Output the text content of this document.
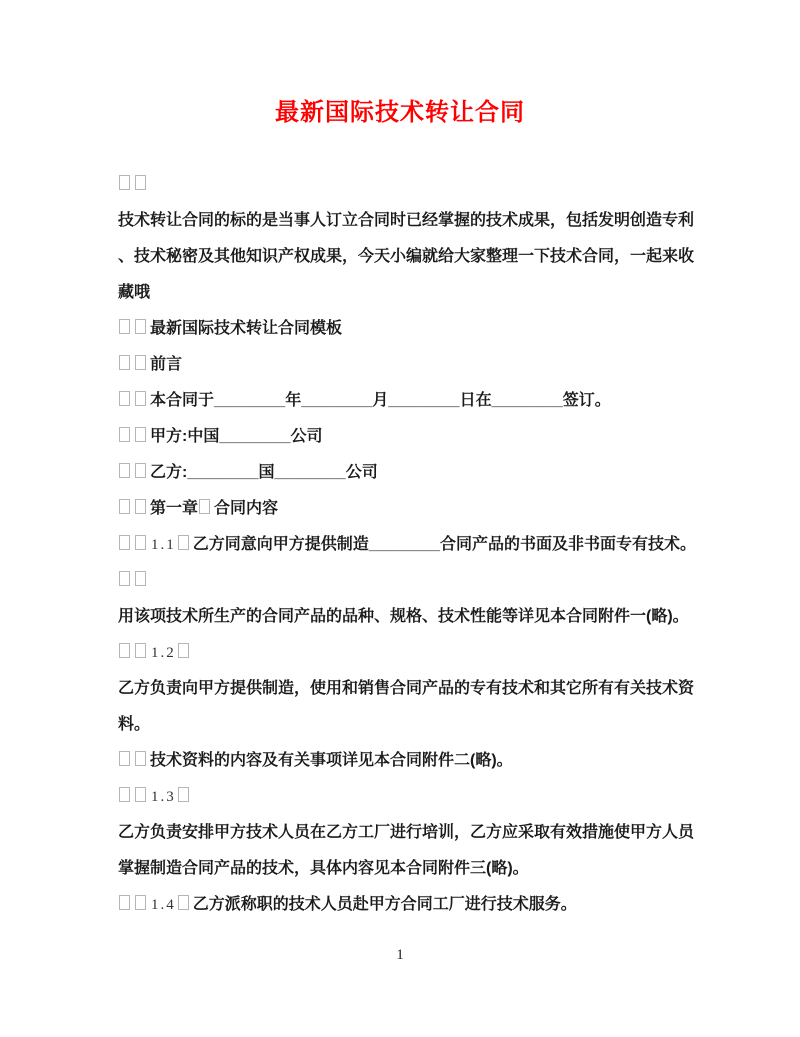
最新国际技术转让合同
技术转让合同的标的是当事人订立合同时已经掌握的技术成果，包括发明创造专利
、技术秘密及其他知识产权成果，今天小编就给大家整理一下技术合同，一起来收
藏哦
最新国际技术转让合同模板
前言
本合同于________年________月________日在________签订。
甲方:中国________公司
乙方:________国________公司
第一章 合同内容
1.1 乙方同意向甲方提供制造________合同产品的书面及非书面专有技术。
用该项技术所生产的合同产品的品种、规格、技术性能等详见本合同附件一(略)。
1.2
乙方负责向甲方提供制造，使用和销售合同产品的专有技术和其它所有有关技术资
料。
技术资料的内容及有关事项详见本合同附件二(略)。
1.3
乙方负责安排甲方技术人员在乙方工厂进行培训，乙方应采取有效措施使甲方人员
掌握制造合同产品的技术，具体内容见本合同附件三(略)。
1.4 乙方派称职的技术人员赴甲方合同工厂进行技术服务。
1
